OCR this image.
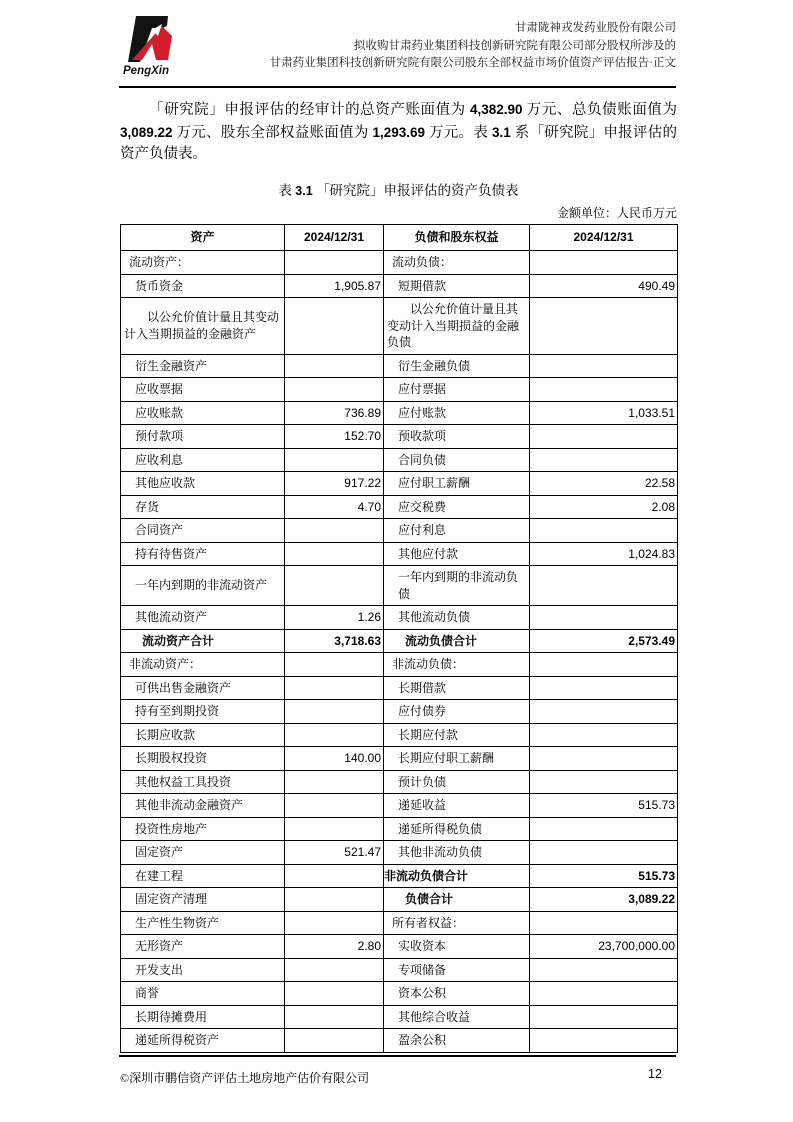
PengXin
甘肃陇神戎发药业股份有限公司
拟收购甘肃药业集团科技创新研究院有限公司部分股权所涉及的
甘肃药业集团科技创新研究院有限公司股东全部权益市场价值资产评估报告·正文

「研究院」申报评估的经审计的总资产账面值为 4,382.90 万元、总负债账面值为 3,089.22 万元、股东全部权益账面值为 1,293.69 万元。表 3.1 系「研究院」申报评估的资产负债表。

表 3.1 「研究院」申报评估的资产负债表
金额单位：人民币万元
资产	2024/12/31	负债和股东权益	2024/12/31
流动资产：		流动负债：	
货币资金	1,905.87	短期借款	490.49
以公允价值计量且其变动计入当期损益的金融资产		以公允价值计量且其变动计入当期损益的金融负债	
衍生金融资产		衍生金融负债	
应收票据		应付票据	
应收账款	736.89	应付账款	1,033.51
预付款项	152.70	预收款项	
应收利息		合同负债	
其他应收款	917.22	应付职工薪酬	22.58
存货	4.70	应交税费	2.08
合同资产		应付利息	
持有待售资产		其他应付款	1,024.83
一年内到期的非流动资产		一年内到期的非流动负债	
其他流动资产	1.26	其他流动负债	
流动资产合计	3,718.63	流动负债合计	2,573.49
非流动资产：		非流动负债：	
可供出售金融资产		长期借款	
持有至到期投资		应付债券	
长期应收款		长期应付款	
长期股权投资	140.00	长期应付职工薪酬	
其他权益工具投资		预计负债	
其他非流动金融资产		递延收益	515.73
投资性房地产		递延所得税负债	
固定资产	521.47	其他非流动负债	
在建工程		非流动负债合计	515.73
固定资产清理		负债合计	3,089.22
生产性生物资产		所有者权益：	
无形资产	2.80	实收资本	23,700,000.00
开发支出		专项储备	
商誉		资本公积	
长期待摊费用		其他综合收益	
递延所得税资产		盈余公积	
©深圳市鹏信资产评估土地房地产估价有限公司	12
